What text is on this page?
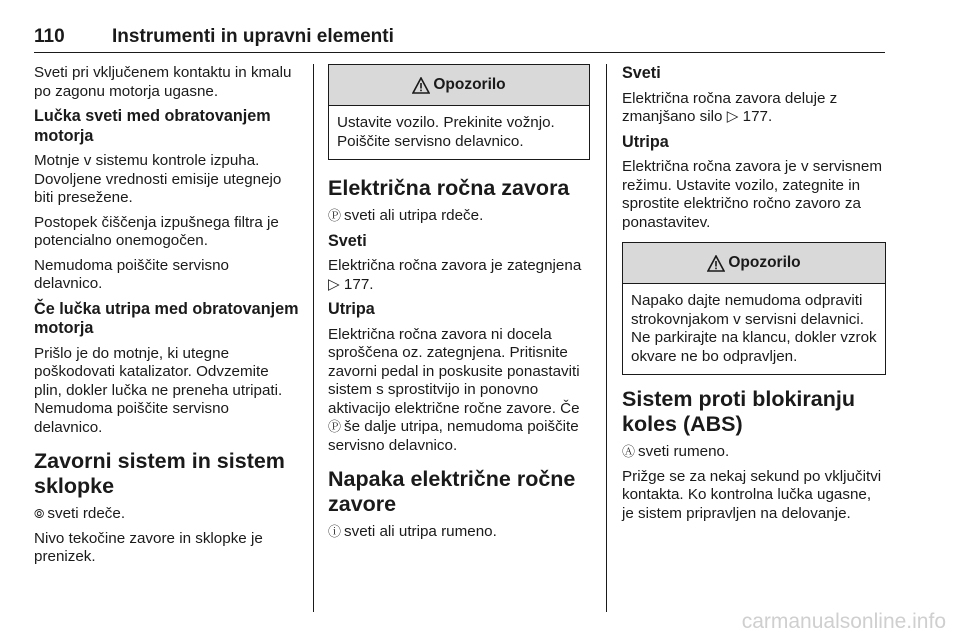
110 Instrumenti in upravni elementi

Sveti pri vključenem kontaktu in kmalu po zagonu motorja ugasne.

Lučka sveti med obratovanjem motorja

Motnje v sistemu kontrole izpuha. Dovoljene vrednosti emisije utegnejo biti presežene.

Postopek čiščenja izpušnega filtra je potencialno onemogočen.

Nemudoma poiščite servisno delavnico.

Če lučka utripa med obratovanjem motorja

Prišlo je do motnje, ki utegne poškodovati katalizator. Odvzemite plin, dokler lučka ne preneha utripati. Nemudoma poiščite servisno delavnico.

Zavorni sistem in sistem sklopke

⦾ sveti rdeče.

Nivo tekočine zavore in sklopke je prenizek.

Opozorilo

Ustavite vozilo. Prekinite vožnjo. Poiščite servisno delavnico.

Električna ročna zavora

Ⓟ sveti ali utripa rdeče.

Sveti

Električna ročna zavora je zategnjena ▷ 177.

Utripa

Električna ročna zavora ni docela sproščena oz. zategnjena. Pritisnite zavorni pedal in poskusite ponastaviti sistem s sprostitvijo in ponovno aktivacijo električne ročne zavore. Če Ⓟ še dalje utripa, nemudoma poiščite servisno delavnico.

Napaka električne ročne zavore

ⓘ sveti ali utripa rumeno.

Sveti

Električna ročna zavora deluje z zmanjšano silo ▷ 177.

Utripa

Električna ročna zavora je v servisnem režimu. Ustavite vozilo, zategnite in sprostite električno ročno zavoro za ponastavitev.

Opozorilo

Napako dajte nemudoma odpraviti strokovnjakom v servisni delavnici. Ne parkirajte na klancu, dokler vzrok okvare ne bo odpravljen.

Sistem proti blokiranju koles (ABS)

Ⓐ sveti rumeno.

Prižge se za nekaj sekund po vključitvi kontakta. Ko kontrolna lučka ugasne, je sistem pripravljen na delovanje.

carmanualsonline.info
